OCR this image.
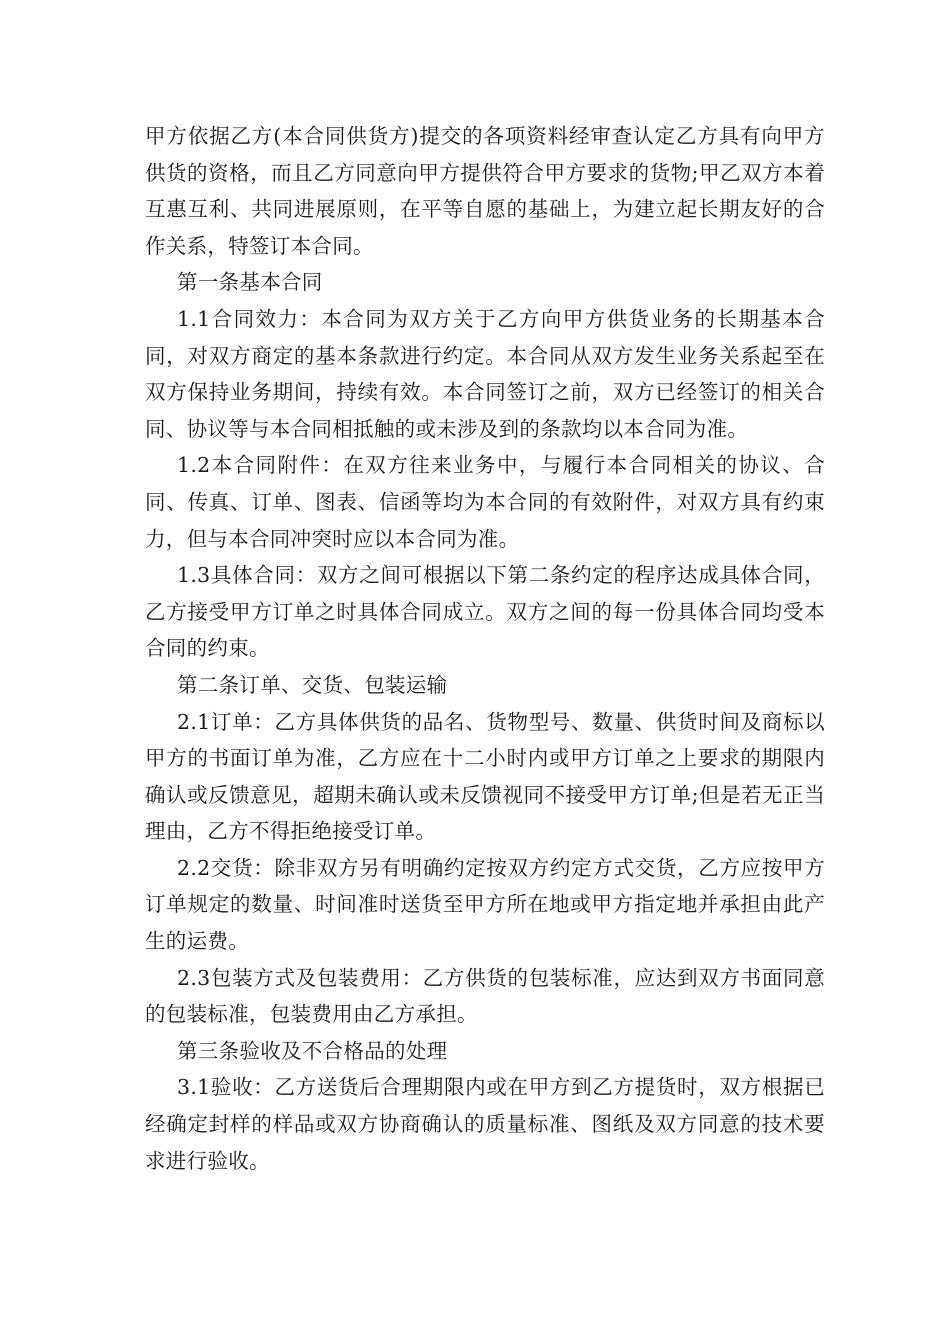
甲方依据乙方(本合同供货方)提交的各项资料经审查认定乙方具有向甲方供货的资格，而且乙方同意向甲方提供符合甲方要求的货物;甲乙双方本着互惠互利、共同进展原则，在平等自愿的基础上，为建立起长期友好的合作关系，特签订本合同。

第一条基本合同

1.1合同效力：本合同为双方关于乙方向甲方供货业务的长期基本合同，对双方商定的基本条款进行约定。本合同从双方发生业务关系起至在双方保持业务期间，持续有效。本合同签订之前，双方已经签订的相关合同、协议等与本合同相抵触的或未涉及到的条款均以本合同为准。

1.2本合同附件：在双方往来业务中，与履行本合同相关的协议、合同、传真、订单、图表、信函等均为本合同的有效附件，对双方具有约束力，但与本合同冲突时应以本合同为准。

1.3具体合同：双方之间可根据以下第二条约定的程序达成具体合同，乙方接受甲方订单之时具体合同成立。双方之间的每一份具体合同均受本合同的约束。

第二条订单、交货、包装运输

2.1订单：乙方具体供货的品名、货物型号、数量、供货时间及商标以甲方的书面订单为准，乙方应在十二小时内或甲方订单之上要求的期限内确认或反馈意见，超期未确认或未反馈视同不接受甲方订单;但是若无正当理由，乙方不得拒绝接受订单。

2.2交货：除非双方另有明确约定按双方约定方式交货，乙方应按甲方订单规定的数量、时间准时送货至甲方所在地或甲方指定地并承担由此产生的运费。

2.3包装方式及包装费用：乙方供货的包装标准，应达到双方书面同意的包装标准，包装费用由乙方承担。

第三条验收及不合格品的处理

3.1验收：乙方送货后合理期限内或在甲方到乙方提货时，双方根据已经确定封样的样品或双方协商确认的质量标准、图纸及双方同意的技术要求进行验收。
